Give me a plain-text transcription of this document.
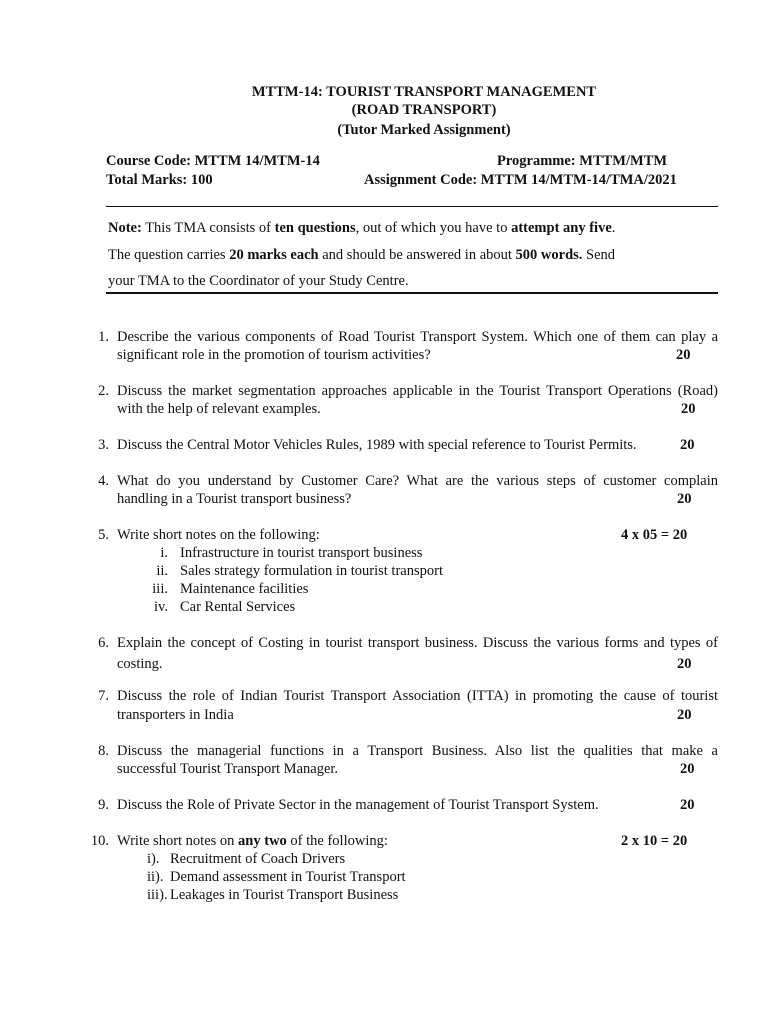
MTTM-14: TOURIST TRANSPORT MANAGEMENT
(ROAD TRANSPORT)
(Tutor Marked Assignment)
Course Code: MTTM 14/MTM-14	Programme: MTTM/MTM
Total Marks: 100	Assignment Code: MTTM 14/MTM-14/TMA/2021
Note: This TMA consists of ten questions, out of which you have to attempt any five.
The question carries 20 marks each and should be answered in about 500 words. Send
your TMA to the Coordinator of your Study Centre.
1. Describe the various components of Road Tourist Transport System. Which one of them can play a
significant role in the promotion of tourism activities?	20
2. Discuss the market segmentation approaches applicable in the Tourist Transport Operations (Road)
with the help of relevant examples.	20
3. Discuss the Central Motor Vehicles Rules, 1989 with special reference to Tourist Permits.	20
4. What do you understand by Customer Care? What are the various steps of customer complain
handling in a Tourist transport business?	20
5. Write short notes on the following:	4 x 05 = 20
i. Infrastructure in tourist transport business
ii. Sales strategy formulation in tourist transport
iii. Maintenance facilities
iv. Car Rental Services
6. Explain the concept of Costing in tourist transport business. Discuss the various forms and types of
costing.	20
7. Discuss the role of Indian Tourist Transport Association (ITTA) in promoting the cause of tourist
transporters in India	20
8. Discuss the managerial functions in a Transport Business. Also list the qualities that make a
successful Tourist Transport Manager.	20
9. Discuss the Role of Private Sector in the management of Tourist Transport System.	20
10. Write short notes on any two of the following:	2 x 10 = 20
i). Recruitment of Coach Drivers
ii). Demand assessment in Tourist Transport
iii). Leakages in Tourist Transport Business
